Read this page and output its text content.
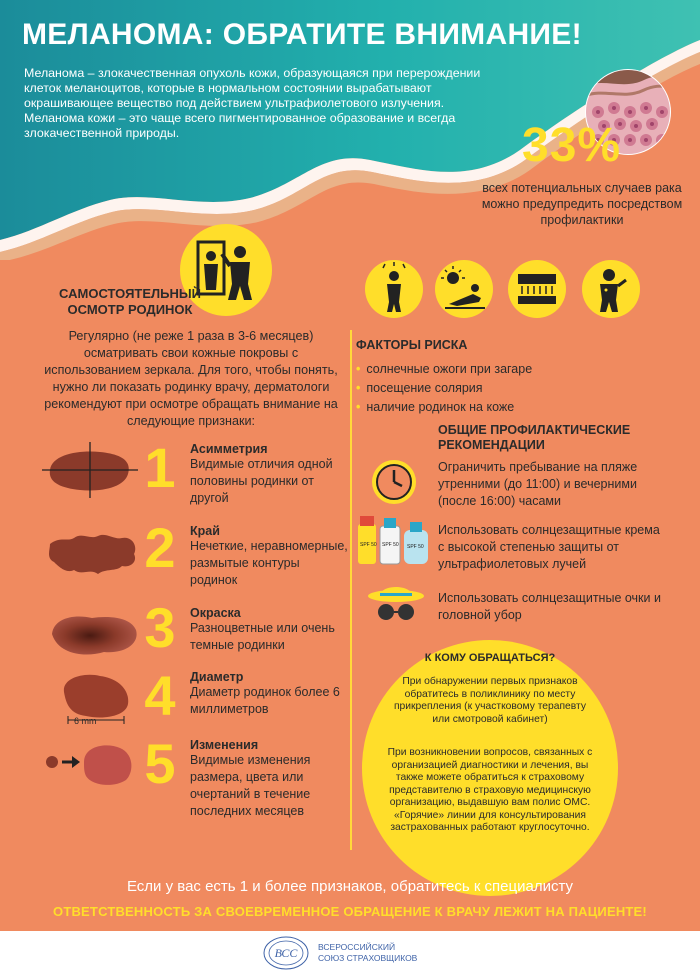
МЕЛАНОМА: ОБРАТИТЕ ВНИМАНИЕ!
Меланома – злокачественная опухоль кожи, образующаяся при перерождении клеток меланоцитов, которые в нормальном состоянии вырабатывают окрашивающее вещество под действием ультрафиолетового излучения. Меланома кожи – это чаще всего пигментированное образование и всегда злокачественной природы.	33%
всех потенциальных случаев рака можно предупредить посредством профилактики
САМОСТОЯТЕЛЬНЫЙ ОСМОТР РОДИНОК
Регулярно (не реже 1 раза в 3-6 месяцев) осматривать свои кожные покровы с использованием зеркала. Для того, чтобы понять, нужно ли показать родинку врачу, дерматологи рекомендуют при осмотре обращать внимание на следующие признаки:
1	Асимметрия
Видимые отличия одной половины родинки от другой
2	Край
Нечеткие, неравномерные, размытые контуры родинок
3	Окраска
Разноцветные или очень темные родинки
6 mm 4	Диаметр
Диаметр родинок более 6 миллиметров
5	Изменения
Видимые изменения размера, цвета или очертаний в течение последних месяцев
ФАКТОРЫ РИСКА
• солнечные ожоги при загаре
• посещение солярия
• наличие родинок на коже
ОБЩИЕ ПРОФИЛАКТИЧЕСКИЕ РЕКОМЕНДАЦИИ
Ограничить пребывание на пляже утренними (до 11:00) и вечерними (после 16:00) часами
SPF 50 SPF 50 SPF 50
Использовать солнцезащитные крема с высокой степенью защиты от ультрафиолетовых лучей
Использовать солнцезащитные очки и головной убор
К КОМУ ОБРАЩАТЬСЯ?
При обнаружении первых признаков обратитесь в поликлинику по месту прикрепления (к участковому терапевту или смотровой кабинет)
При возникновении вопросов, связанных с организацией диагностики и лечения, вы также можете обратиться к страховому представителю в страховую медицинскую организацию, выдавшую вам полис ОМС. «Горячие» линии для консультирования застрахованных работают круглосуточно.
Если у вас есть 1 и более признаков, обратитесь к специалисту
ОТВЕТСТВЕННОСТЬ ЗА СВОЕВРЕМЕННОЕ ОБРАЩЕНИЕ К ВРАЧУ ЛЕЖИТ НА ПАЦИЕНТЕ!
ВСС ВСЕРОССИЙСКИЙ
СОЮЗ СТРАХОВЩИКОВ
